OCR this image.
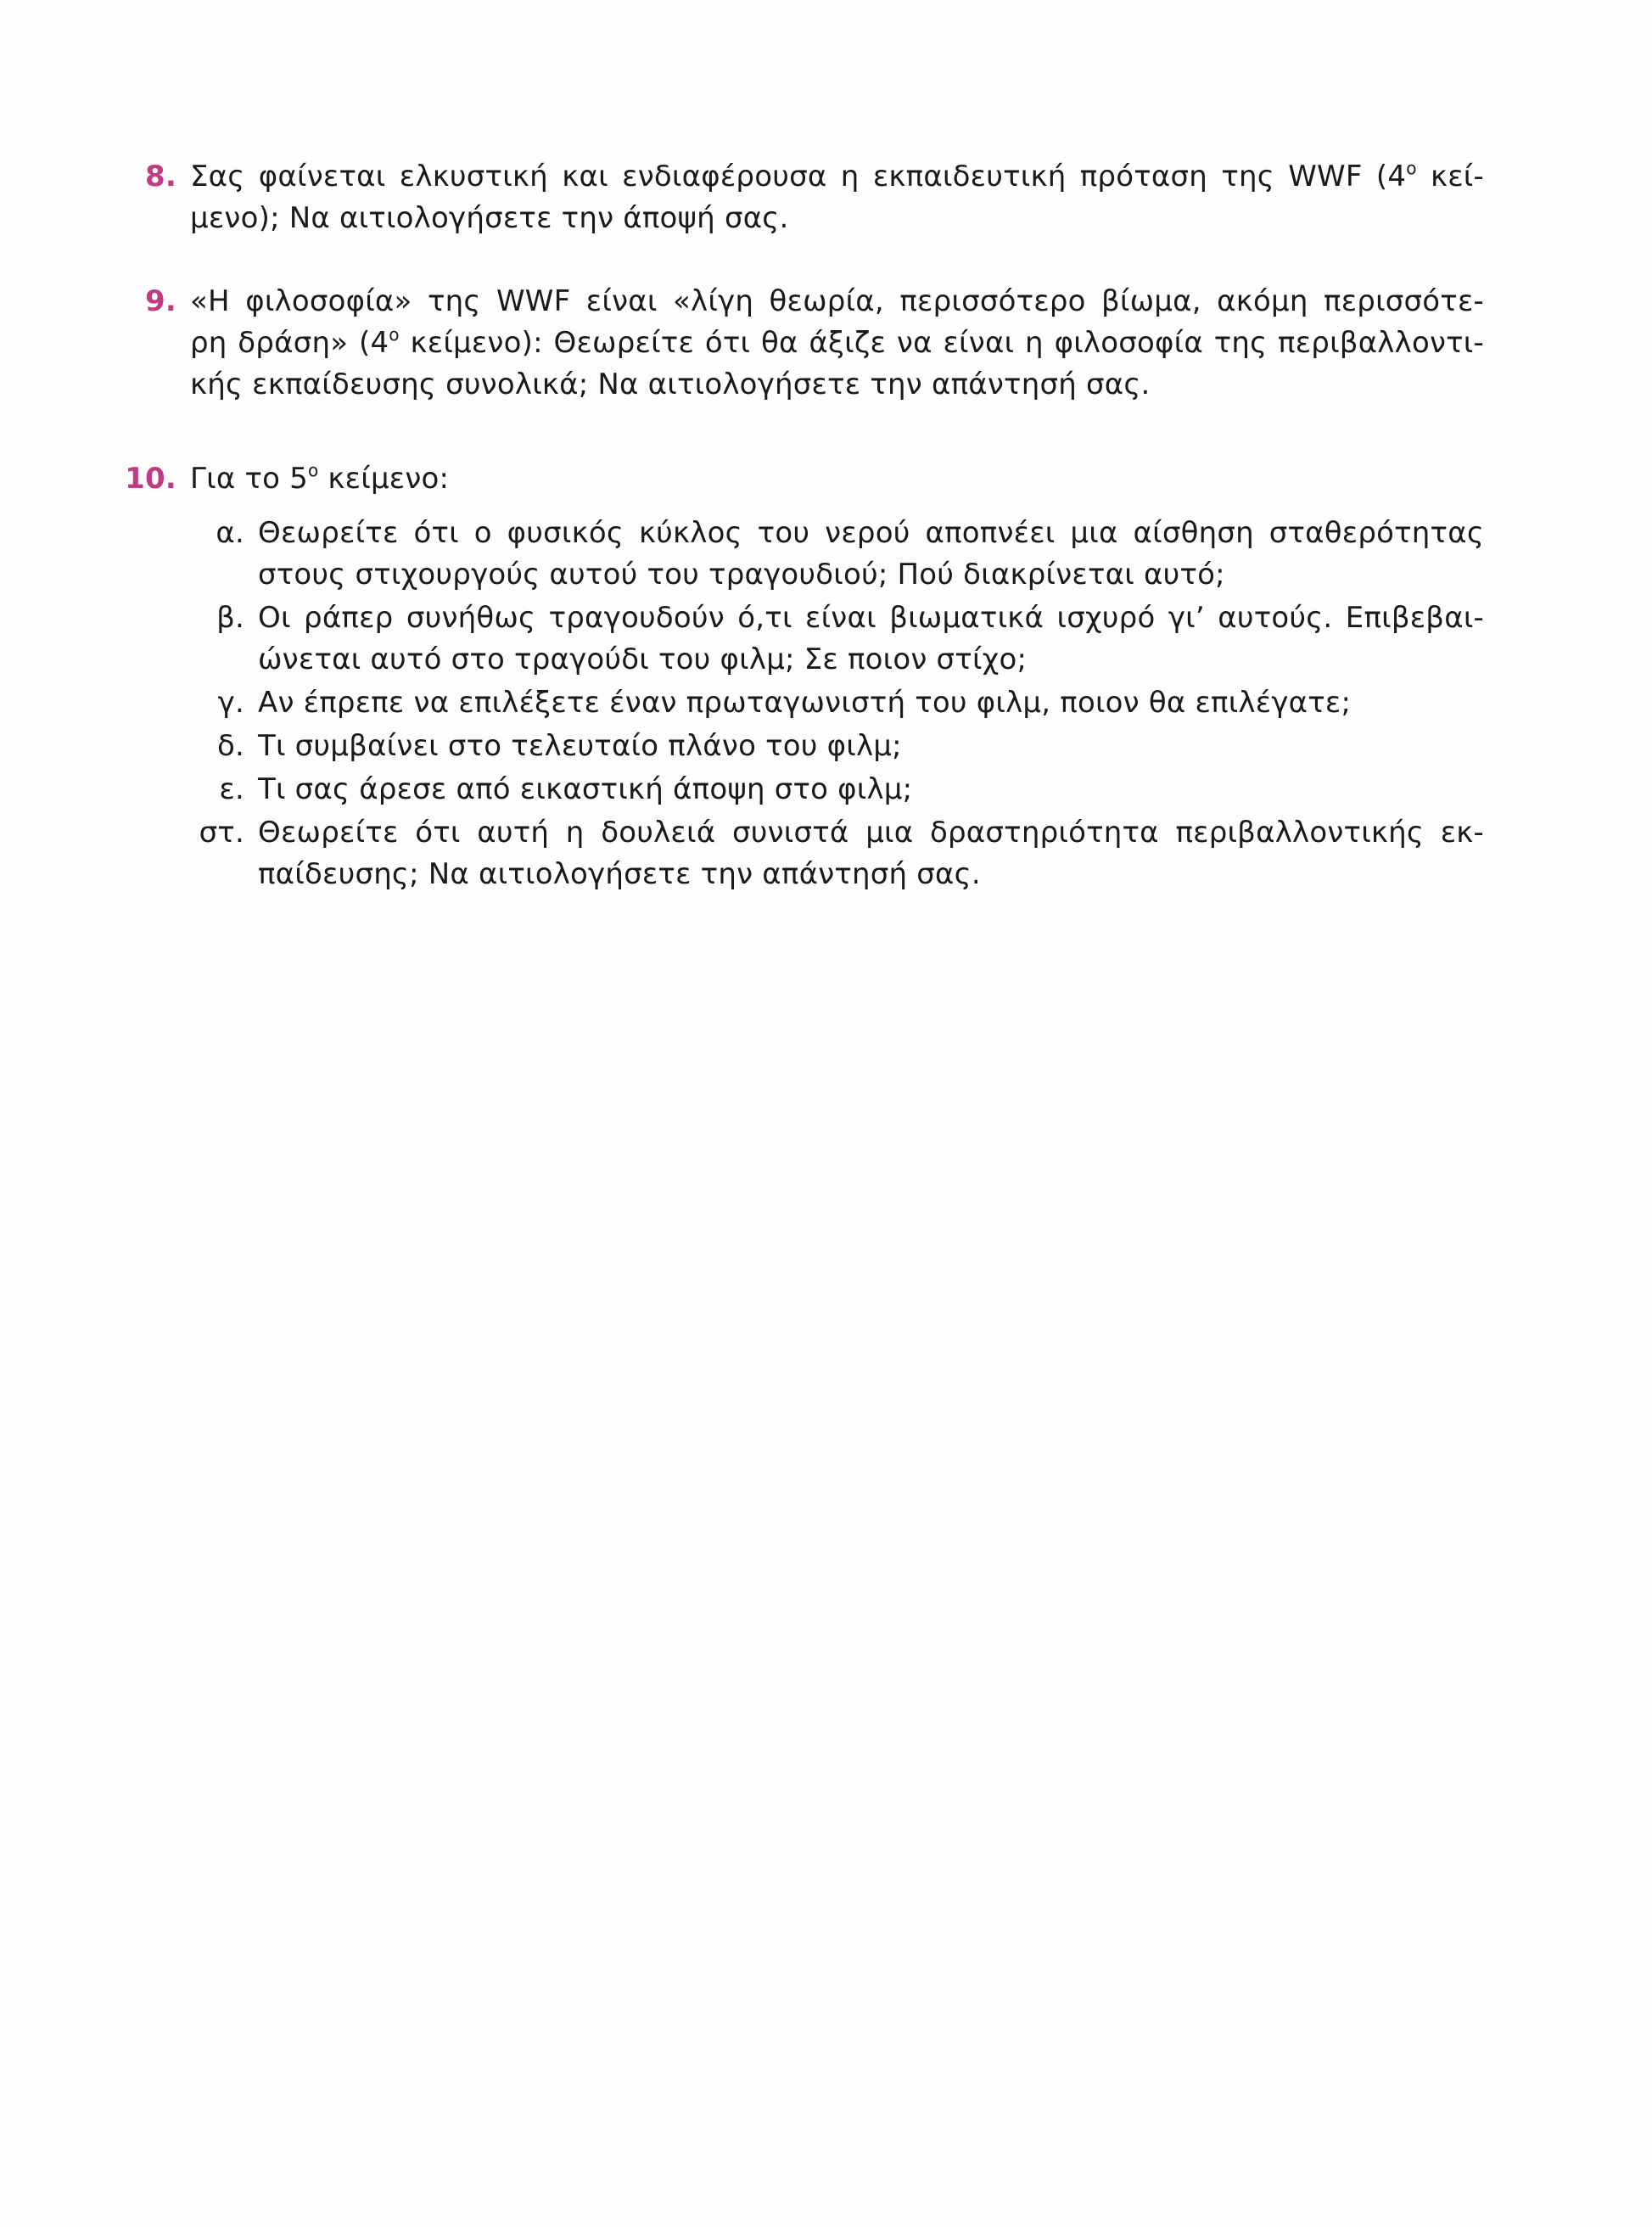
8. Σας φαίνεται ελκυστική και ενδιαφέρουσα η εκπαιδευτική πρόταση της WWF ($4^o$ κεί-
μενο); Να αιτιολογήσετε την άποψή σας.
9. «Η φιλοσοφία» της WWF είναι «λίγη θεωρία, περισσότερο βίωμα, ακόμη περισσότε-
ρη δράση» ($4^o$ κείμενο): Θεωρείτε ότι θα άξιζε να είναι η φιλοσοφία της περιβαλλοντι-
κής εκπαίδευσης συνολικά; Να αιτιολογήσετε την απάντησή σας.
10. Για το $5^o$ κείμενο:
α. Θεωρείτε ότι ο φυσικός κύκλος του νερού αποπνέει μια αίσθηση σταθερότητας
στους στιχουργούς αυτού του τραγουδιού; Πού διακρίνεται αυτό;
β. Οι ράπερ συνήθως τραγουδούν ό,τι είναι βιωματικά ισχυρό γι’ αυτούς. Επιβεβαι-
ώνεται αυτό στο τραγούδι του φιλμ; Σε ποιον στίχο;
γ. Αν έπρεπε να επιλέξετε έναν πρωταγωνιστή του φιλμ, ποιον θα επιλέγατε;
δ. Τι συμβαίνει στο τελευταίο πλάνο του φιλμ;
ε. Τι σας άρεσε από εικαστική άποψη στο φιλμ;
στ. Θεωρείτε ότι αυτή η δουλειά συνιστά μια δραστηριότητα περιβαλλοντικής εκ-
παίδευσης; Να αιτιολογήσετε την απάντησή σας.
